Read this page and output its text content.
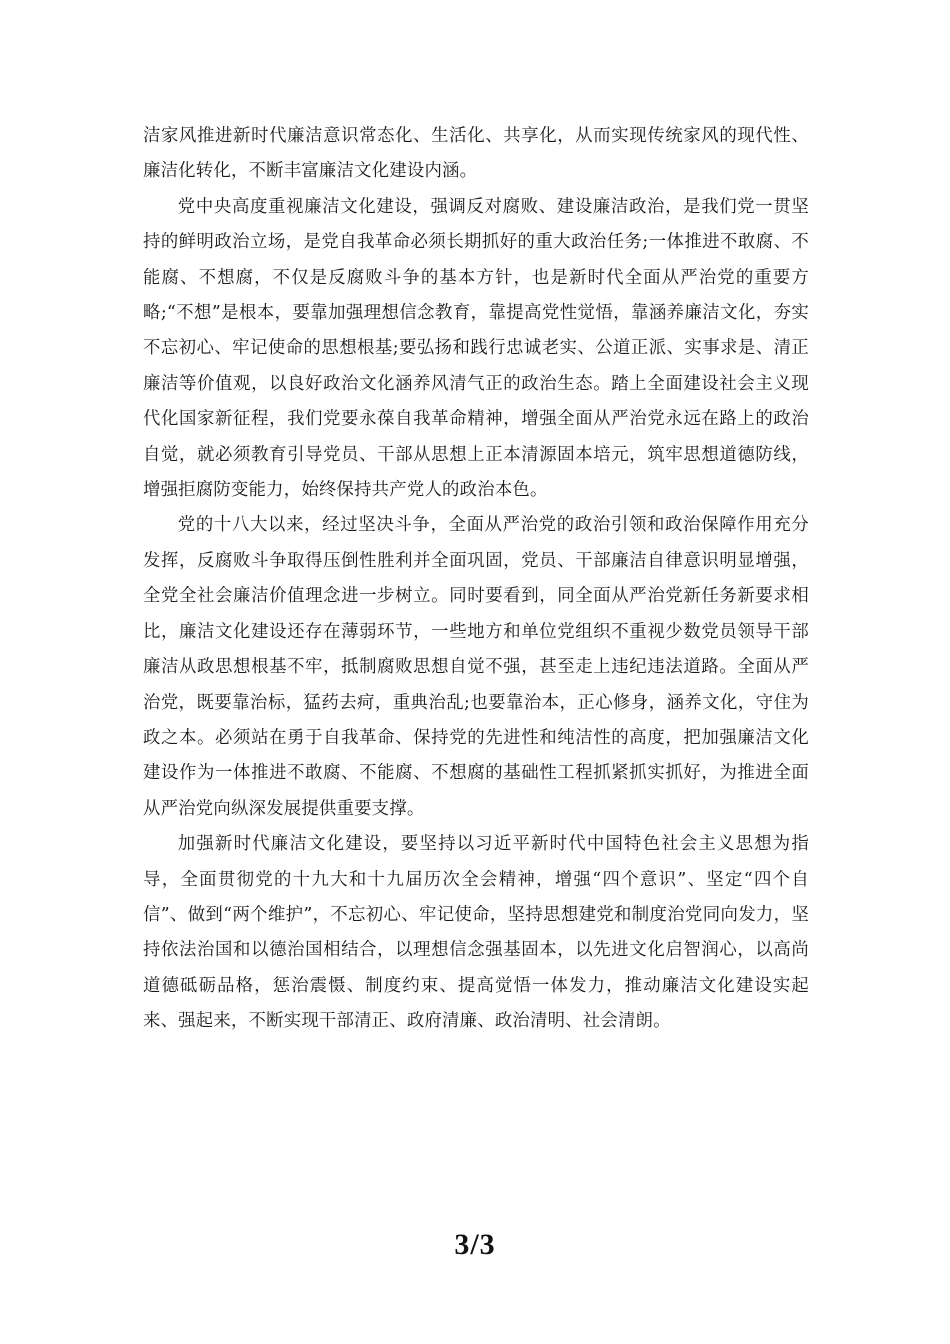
洁家风推进新时代廉洁意识常态化、生活化、共享化，从而实现传统家风的现代性、廉洁化转化，不断丰富廉洁文化建设内涵。

党中央高度重视廉洁文化建设，强调反对腐败、建设廉洁政治，是我们党一贯坚持的鲜明政治立场，是党自我革命必须长期抓好的重大政治任务;一体推进不敢腐、不能腐、不想腐，不仅是反腐败斗争的基本方针，也是新时代全面从严治党的重要方略;“不想”是根本，要靠加强理想信念教育，靠提高党性觉悟，靠涵养廉洁文化，夯实不忘初心、牢记使命的思想根基;要弘扬和践行忠诚老实、公道正派、实事求是、清正廉洁等价值观，以良好政治文化涵养风清气正的政治生态。踏上全面建设社会主义现代化国家新征程，我们党要永葆自我革命精神，增强全面从严治党永远在路上的政治自觉，就必须教育引导党员、干部从思想上正本清源固本培元，筑牢思想道德防线，增强拒腐防变能力，始终保持共产党人的政治本色。

党的十八大以来，经过坚决斗争，全面从严治党的政治引领和政治保障作用充分发挥，反腐败斗争取得压倒性胜利并全面巩固，党员、干部廉洁自律意识明显增强，全党全社会廉洁价值理念进一步树立。同时要看到，同全面从严治党新任务新要求相比，廉洁文化建设还存在薄弱环节，一些地方和单位党组织不重视少数党员领导干部廉洁从政思想根基不牢，抵制腐败思想自觉不强，甚至走上违纪违法道路。全面从严治党，既要靠治标，猛药去疴，重典治乱;也要靠治本，正心修身，涵养文化，守住为政之本。必须站在勇于自我革命、保持党的先进性和纯洁性的高度，把加强廉洁文化建设作为一体推进不敢腐、不能腐、不想腐的基础性工程抓紧抓实抓好，为推进全面从严治党向纵深发展提供重要支撑。

加强新时代廉洁文化建设，要坚持以习近平新时代中国特色社会主义思想为指导，全面贯彻党的十九大和十九届历次全会精神，增强“四个意识”、坚定“四个自信”、做到“两个维护”，不忘初心、牢记使命，坚持思想建党和制度治党同向发力，坚持依法治国和以德治国相结合，以理想信念强基固本，以先进文化启智润心，以高尚道德砥砺品格，惩治震慑、制度约束、提高觉悟一体发力，推动廉洁文化建设实起来、强起来，不断实现干部清正、政府清廉、政治清明、社会清朗。

3/3
